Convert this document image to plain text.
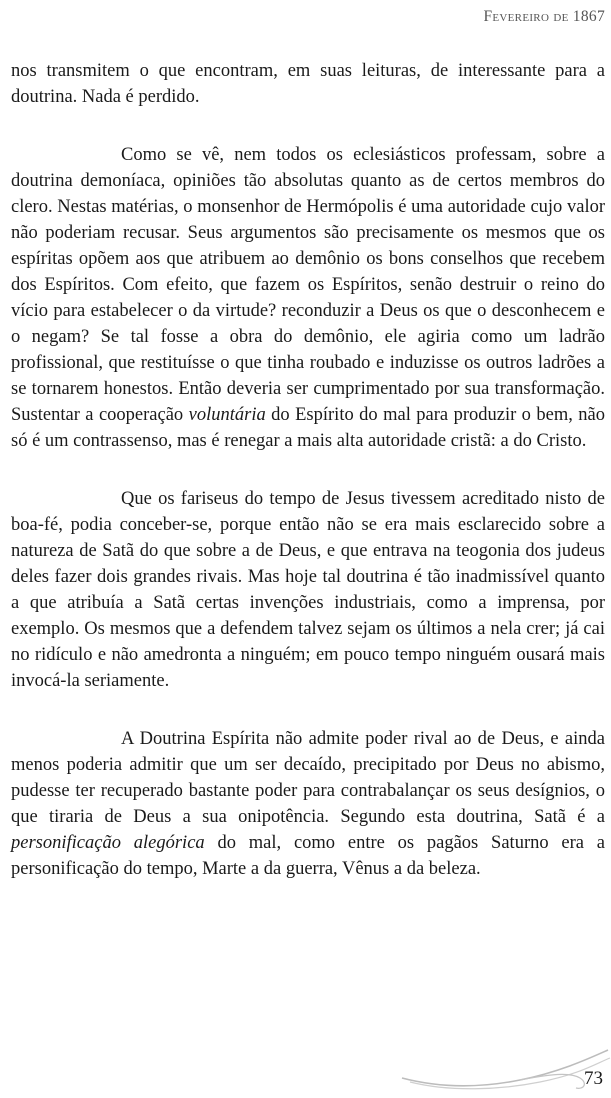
Fevereiro de 1867

nos transmitem o que encontram, em suas leituras, de interessante para a doutrina. Nada é perdido.

Como se vê, nem todos os eclesiásticos professam, sobre a doutrina demoníaca, opiniões tão absolutas quanto as de certos membros do clero. Nestas matérias, o monsenhor de Hermópolis é uma autoridade cujo valor não poderiam recusar. Seus argumentos são precisamente os mesmos que os espíritas opõem aos que atribuem ao demônio os bons conselhos que recebem dos Espíritos. Com efeito, que fazem os Espíritos, senão destruir o reino do vício para estabelecer o da virtude? reconduzir a Deus os que o desconhecem e o negam? Se tal fosse a obra do demônio, ele agiria como um ladrão profissional, que restituísse o que tinha roubado e induzisse os outros ladrões a se tornarem honestos. Então deveria ser cumprimentado por sua transformação. Sustentar a cooperação voluntária do Espírito do mal para produzir o bem, não só é um contrassenso, mas é renegar a mais alta autoridade cristã: a do Cristo.

Que os fariseus do tempo de Jesus tivessem acreditado nisto de boa-fé, podia conceber-se, porque então não se era mais esclarecido sobre a natureza de Satã do que sobre a de Deus, e que entrava na teogonia dos judeus deles fazer dois grandes rivais. Mas hoje tal doutrina é tão inadmissível quanto a que atribuía a Satã certas invenções industriais, como a imprensa, por exemplo. Os mesmos que a defendem talvez sejam os últimos a nela crer; já cai no ridículo e não amedronta a ninguém; em pouco tempo ninguém ousará mais invocá-la seriamente.

A Doutrina Espírita não admite poder rival ao de Deus, e ainda menos poderia admitir que um ser decaído, precipitado por Deus no abismo, pudesse ter recuperado bastante poder para contrabalançar os seus desígnios, o que tiraria de Deus a sua onipotência. Segundo esta doutrina, Satã é a personificação alegórica do mal, como entre os pagãos Saturno era a personificação do tempo, Marte a da guerra, Vênus a da beleza.

73
